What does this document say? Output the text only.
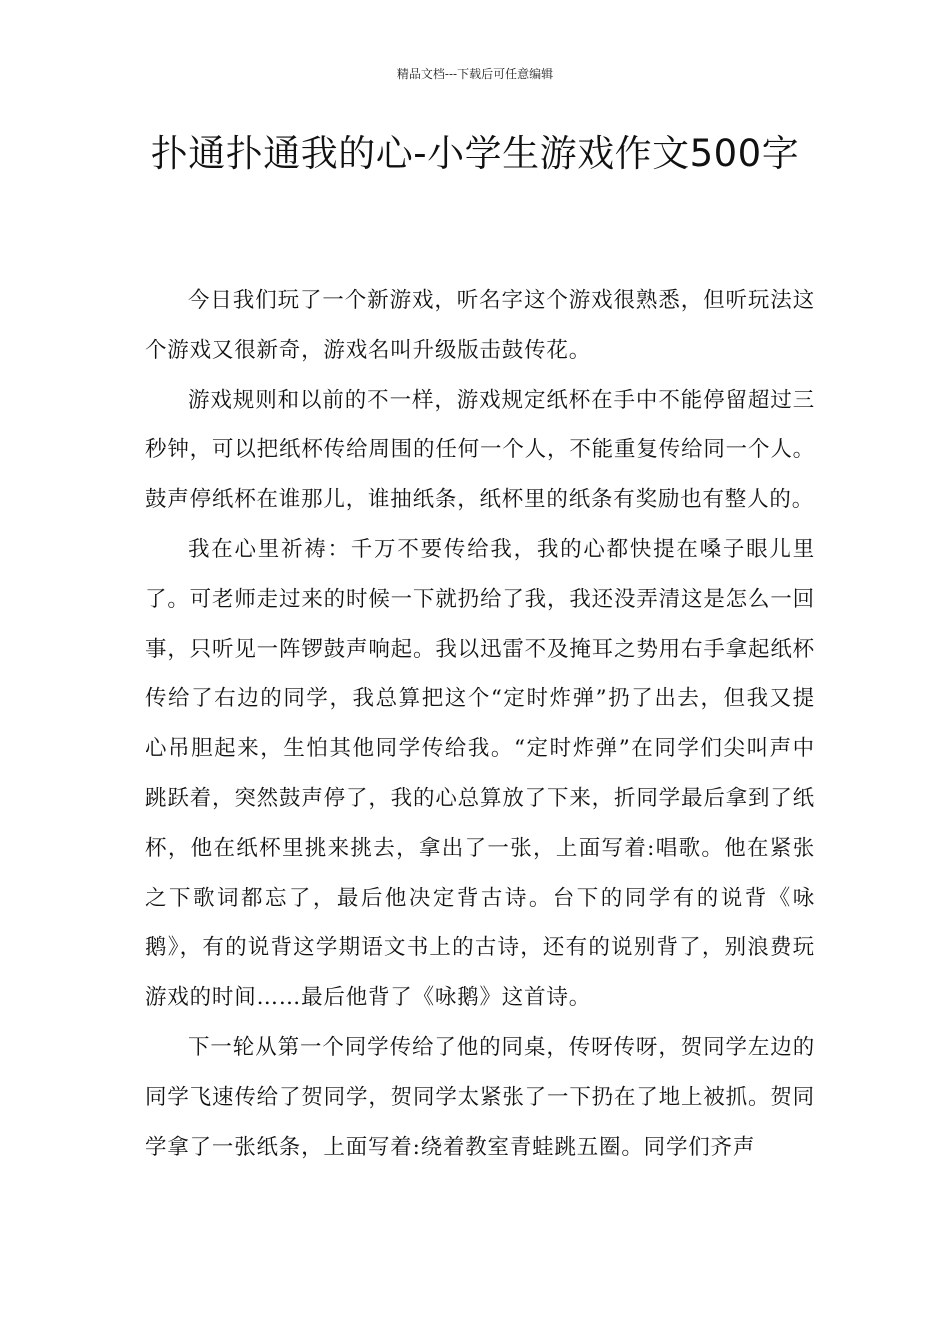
精品文档---下载后可任意编辑
扑通扑通我的心-小学生游戏作文500字

今日我们玩了一个新游戏，听名字这个游戏很熟悉，但听玩法这个游戏又很新奇，游戏名叫升级版击鼓传花。

游戏规则和以前的不一样，游戏规定纸杯在手中不能停留超过三秒钟，可以把纸杯传给周围的任何一个人，不能重复传给同一个人。鼓声停纸杯在谁那儿，谁抽纸条，纸杯里的纸条有奖励也有整人的。

我在心里祈祷：千万不要传给我，我的心都快提在嗓子眼儿里了。可老师走过来的时候一下就扔给了我，我还没弄清这是怎么一回事，只听见一阵锣鼓声响起。我以迅雷不及掩耳之势用右手拿起纸杯传给了右边的同学，我总算把这个“定时炸弹”扔了出去，但我又提心吊胆起来，生怕其他同学传给我。“定时炸弹”在同学们尖叫声中跳跃着，突然鼓声停了，我的心总算放了下来，折同学最后拿到了纸杯，他在纸杯里挑来挑去，拿出了一张，上面写着:唱歌。他在紧张之下歌词都忘了，最后他决定背古诗。台下的同学有的说背《咏鹅》，有的说背这学期语文书上的古诗，还有的说别背了，别浪费玩游戏的时间……最后他背了《咏鹅》这首诗。

下一轮从第一个同学传给了他的同桌，传呀传呀，贺同学左边的同学飞速传给了贺同学，贺同学太紧张了一下扔在了地上被抓。贺同学拿了一张纸条，上面写着:绕着教室青蛙跳五圈。同学们齐声
